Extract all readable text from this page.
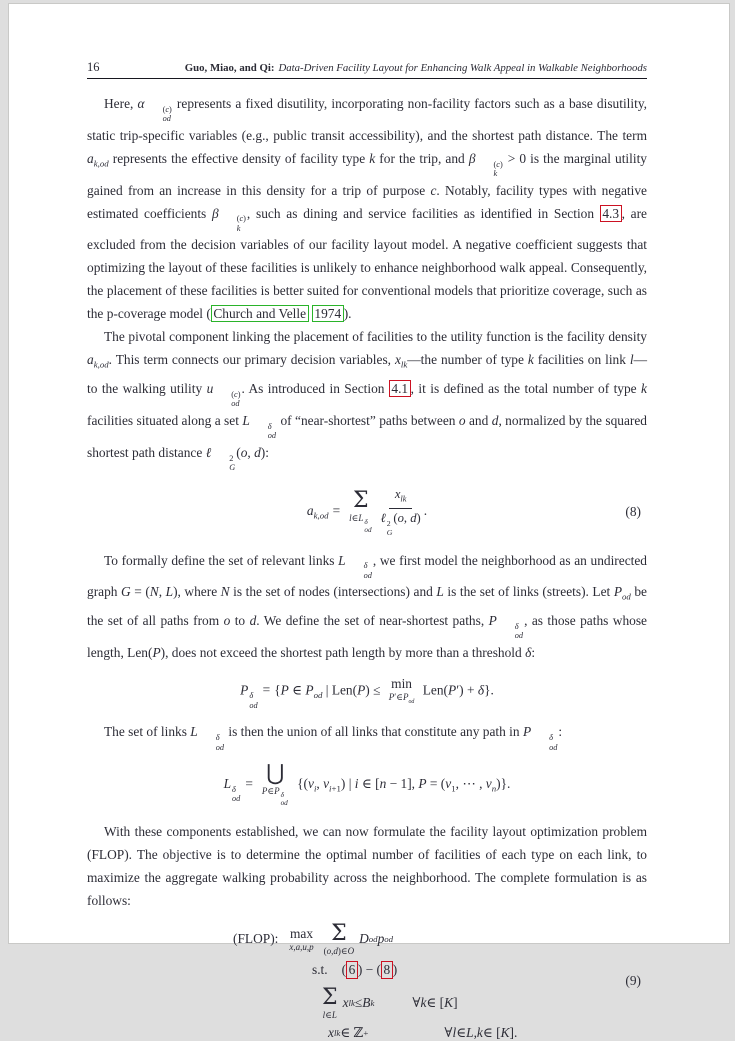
16	Guo, Miao, and Qi: Data-Driven Facility Layout for Enhancing Walk Appeal in Walkable Neighborhoods

Here, α	(c)
od
represents a fixed disutility, incorporating non-facility factors such as a base disutility, static trip-specific variables (e.g., public transit accessibility), and the shortest path distance. The term $a_{k,od}$ represents the effective density of facility type k for the trip, and β	(c)
k
> 0 is the marginal utility gained from an increase in this density for a trip of purpose c. Notably, facility types with negative estimated coefficients β	(c)
k
, such as dining and service facilities as identified in Section 4.3 , are excluded from the decision variables of our facility layout model. A negative coefficient suggests that optimizing the layout of these facilities is unlikely to enhance neighborhood walk appeal. Consequently, the placement of these facilities is better suited for conventional models that prioritize coverage, such as the p-coverage model ( Church and Velle 1974 ).

The pivotal component linking the placement of facilities to the utility function is the facility density $a_{k,od}$. This term connects our primary decision variables, $x_{lk}—the$ number of type k facilities on link l—to the walking utility u	(c)
od
. As introduced in Section 4.1 , it is defined as the total number of type k facilities situated along a set L	δ
od
of “near-shortest” paths between o and d, normalized by the squared shortest path distance ℓ	2
G
(o, d):

$a_{k,od} = \Sigma$
l∈L δ
od $x_{lk}$
ℓ 2
G
(o, d) .	(8)

To formally define the set of relevant links L	δ
od
, we first model the neighborhood as an undirected graph G = (N, L), where N is the set of nodes (intersections) and L is the set of links (streets). Let $P_{od}$ be the set of all paths from o to d. We define the set of near-shortest paths, P	δ
od
, as those paths whose length, Len(P), does not exceed the shortest path length by more than a threshold δ:

P δ
od
= {P ∈ $P_{od}$ | Len(P) ≤ min
$P'\in P_{od}$
Len(P′) + δ}.

The set of links L	δ
od
is then the union of all links that constitute any path in P	δ
od
:

L δ
od
= ⋃
P∈P δ
od
{($v_i$, $v_{i+1}$) | i ∈ [n − 1], $P = (v_1$, ⋯ , $v_n$)}.

With these components established, we can now formulate the facility layout optimization problem (FLOP). The objective is to determine the optimal number of facilities of each type on each link, to maximize the aggregate walking probability across the neighborhood. The complete formulation is as follows:

(FLOP): max
x,a,u,p
Σ
(o,d)∈O
D od p od
s.t. ( 6 ) − ( 8 )
Σ
l∈L
x lk ≤ B k	∀ k ∈ [ K ]
x lk ∈ ℤ +	∀ l ∈ L , k ∈ [ K ].
(9)
